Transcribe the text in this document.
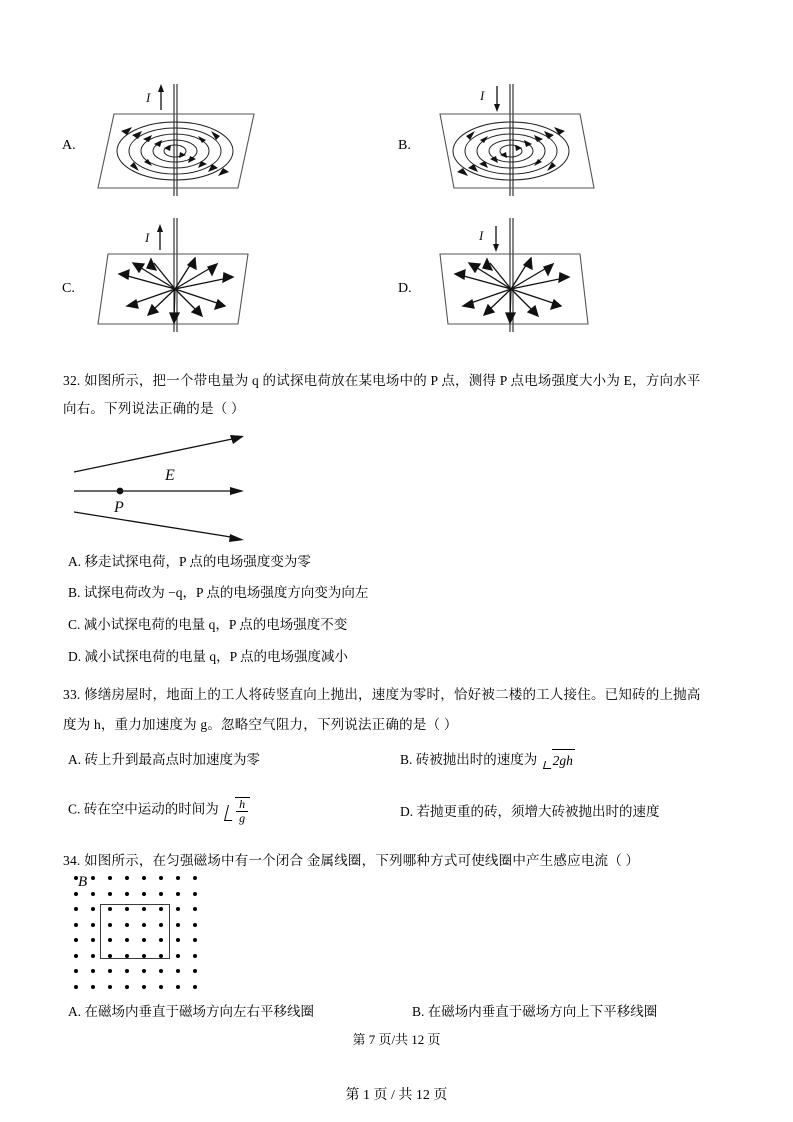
A.
I
B.
I
C.
I
D.
I
32. 如图所示，把一个带电量为 q 的试探电荷放在某电场中的 P 点，测得 P 点电场强度大小为 E，方向水平
向右。下列说法正确的是（ ）
E
P
A. 移走试探电荷，P 点的电场强度变为零
B. 试探电荷改为 −q，P 点的电场强度方向变为向左
C. 减小试探电荷的电量 q，P 点的电场强度不变
D. 减小试探电荷的电量 q，P 点的电场强度减小
33. 修缮房屋时，地面上的工人将砖竖直向上抛出，速度为零时，恰好被二楼的工人接住。已知砖的上抛高
度为 h，重力加速度为 g。忽略空气阻力，下列说法正确的是（ ）
A. 砖上升到最高点时加速度为零	B. 砖被抛出时的速度为 2gh
C. 砖在空中运动的时间为 $\frac{h}{g}$	D. 若抛更重的砖，须增大砖被抛出时的速度
34. 如图所示，在匀强磁场中有一个闭合 金属线圈，下列哪种方式可使线圈中产生感应电流（ ）
B
A. 在磁场内垂直于磁场方向左右平移线圈	B. 在磁场内垂直于磁场方向上下平移线圈
第 7 页/共 12 页
第 1 页 / 共 12 页
